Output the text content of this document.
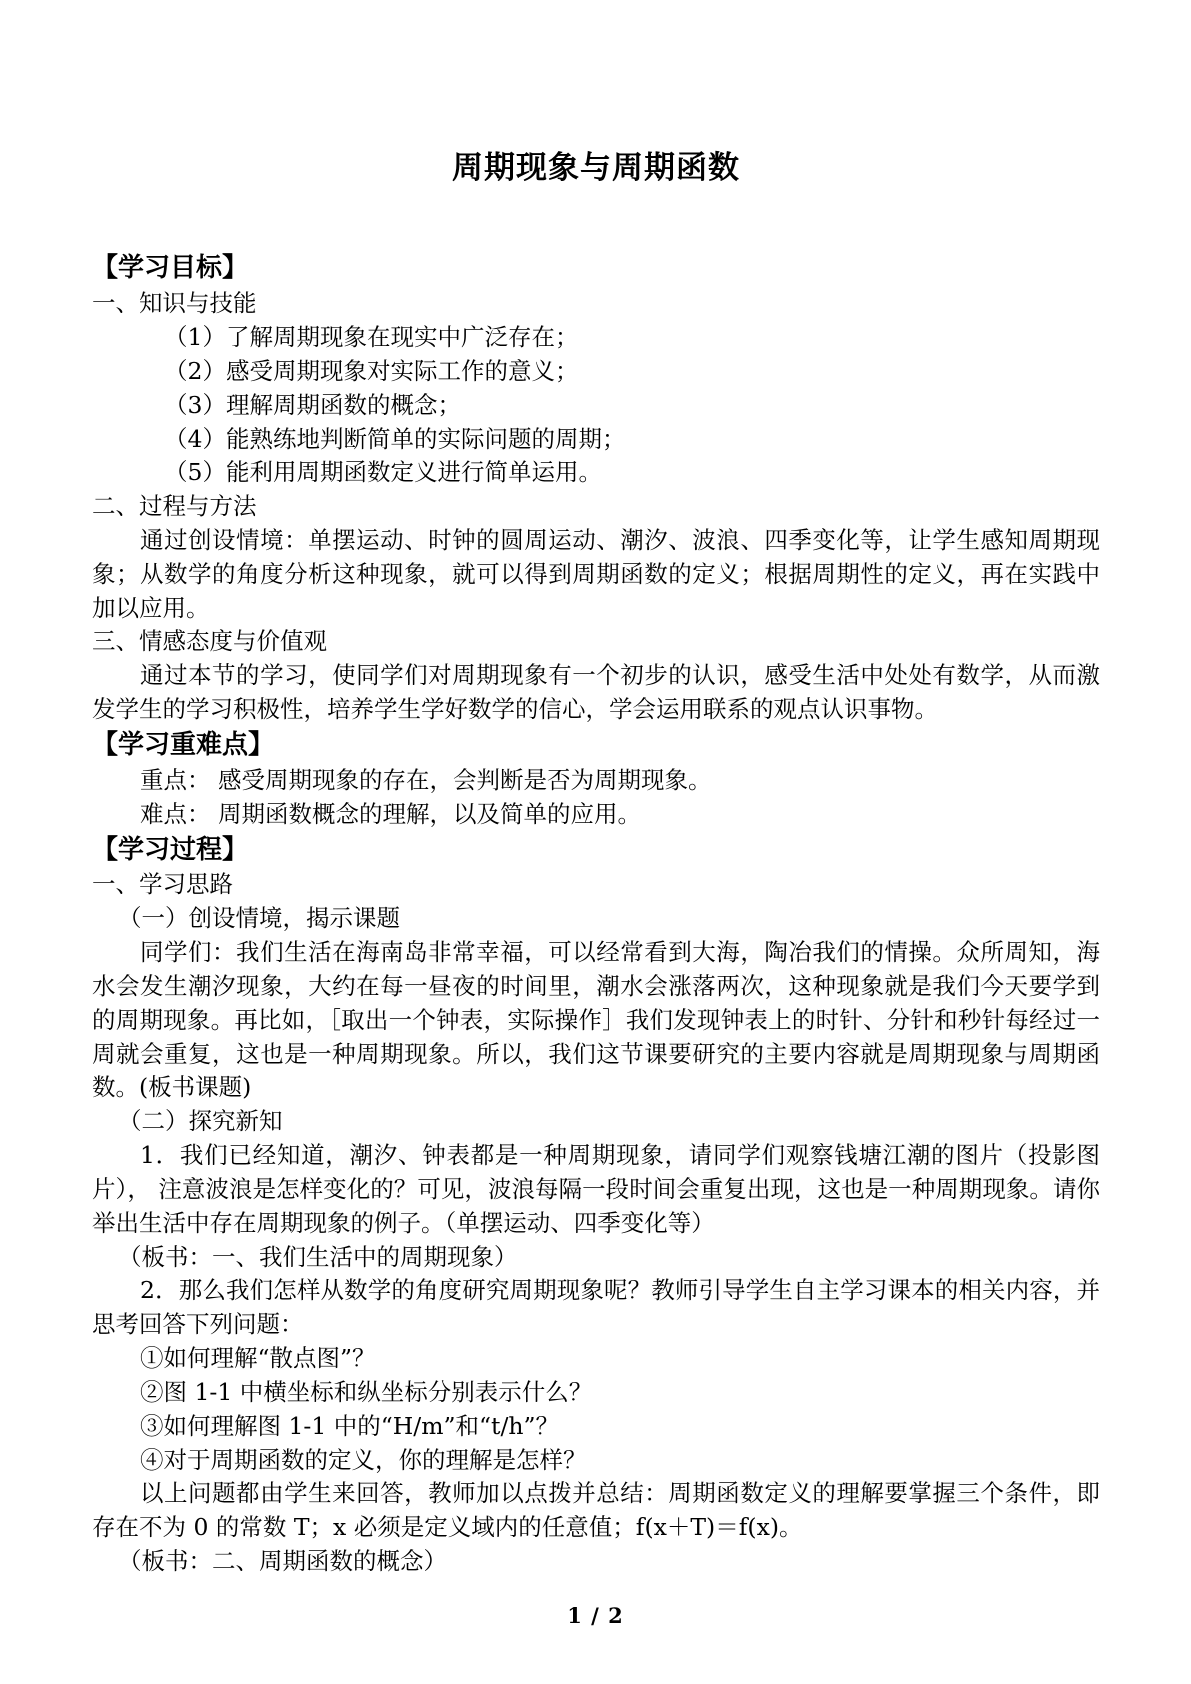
周期现象与周期函数
【学习目标】
一、知识与技能
（1）了解周期现象在现实中广泛存在；
（2）感受周期现象对实际工作的意义；
（3）理解周期函数的概念；
（4）能熟练地判断简单的实际问题的周期；
（5）能利用周期函数定义进行简单运用。
二、过程与方法
通过创设情境：单摆运动、时钟的圆周运动、潮汐、波浪、四季变化等，让学生感知周期现象；从数学的角度分析这种现象，就可以得到周期函数的定义；根据周期性的定义，再在实践中加以应用。
三、情感态度与价值观
通过本节的学习，使同学们对周期现象有一个初步的认识，感受生活中处处有数学，从而激发学生的学习积极性，培养学生学好数学的信心，学会运用联系的观点认识事物。
【学习重难点】
重点： 感受周期现象的存在，会判断是否为周期现象。
难点： 周期函数概念的理解，以及简单的应用。
【学习过程】
一、学习思路
（一）创设情境，揭示课题
同学们：我们生活在海南岛非常幸福，可以经常看到大海，陶冶我们的情操。众所周知，海水会发生潮汐现象，大约在每一昼夜的时间里，潮水会涨落两次，这种现象就是我们今天要学到的周期现象。再比如，［取出一个钟表，实际操作］我们发现钟表上的时针、分针和秒针每经过一周就会重复，这也是一种周期现象。所以，我们这节课要研究的主要内容就是周期现象与周期函数。(板书课题)
（二）探究新知
1．我们已经知道，潮汐、钟表都是一种周期现象，请同学们观察钱塘江潮的图片（投影图片）， 注意波浪是怎样变化的？可见，波浪每隔一段时间会重复出现，这也是一种周期现象。请你举出生活中存在周期现象的例子。（单摆运动、四季变化等）
（板书：一、我们生活中的周期现象）
2．那么我们怎样从数学的角度研究周期现象呢？教师引导学生自主学习课本的相关内容，并思考回答下列问题：
①如何理解“散点图”？
②图 1-1 中横坐标和纵坐标分别表示什么？
③如何理解图 1-1 中的“H/m”和“t/h”？
④对于周期函数的定义，你的理解是怎样？
以上问题都由学生来回答，教师加以点拨并总结：周期函数定义的理解要掌握三个条件，即存在不为 0 的常数 T；x 必须是定义域内的任意值；f(x＋T)＝f(x)。
（板书：二、周期函数的概念）
1 / 2
